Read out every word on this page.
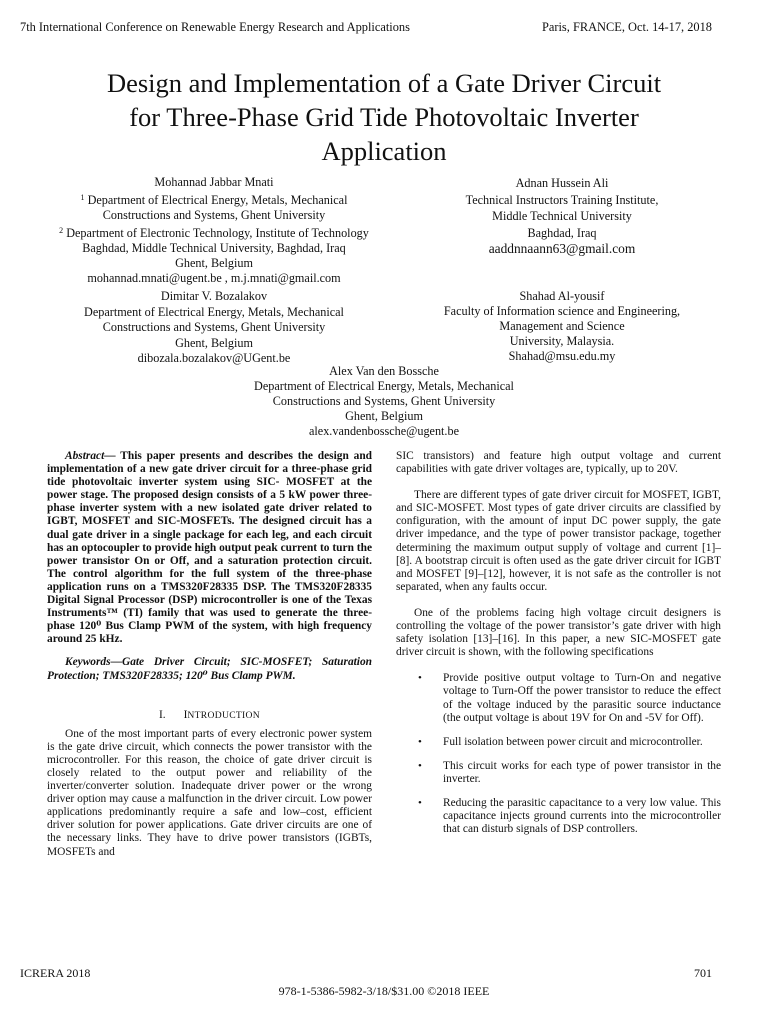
7th International Conference on Renewable Energy Research and Applications	Paris, FRANCE, Oct. 14-17, 2018
Design and Implementation of a Gate Driver Circuit
for Three-Phase Grid Tide Photovoltaic Inverter
Application
Mohannad Jabbar Mnati
$^1$ Department of Electrical Energy, Metals, Mechanical
Constructions and Systems, Ghent University
$^2$ Department of Electronic Technology, Institute of Technology
Baghdad, Middle Technical University, Baghdad, Iraq
Ghent, Belgium
mohannad.mnati@ugent.be , m.j.mnati@gmail.com
Adnan Hussein Ali
Technical Instructors Training Institute,
Middle Technical University
Baghdad, Iraq
aaddnnaann63@gmail.com
Dimitar V. Bozalakov
Department of Electrical Energy, Metals, Mechanical
Constructions and Systems, Ghent University
Ghent, Belgium
dibozala.bozalakov@UGent.be
Shahad Al-yousif
Faculty of Information science and Engineering,
Management and Science
University, Malaysia.
Shahad@msu.edu.my
Alex Van den Bossche
Department of Electrical Energy, Metals, Mechanical
Constructions and Systems, Ghent University
Ghent, Belgium
alex.vandenbossche@ugent.be

Abstract— This paper presents and describes the design and implementation of a new gate driver circuit for a three-phase grid tide photovoltaic inverter system using SIC- MOSFET at the power stage. The proposed design consists of a 5 kW power three-phase inverter system with a new isolated gate driver related to IGBT, MOSFET and SIC-MOSFETs. The designed circuit has a dual gate driver in a single package for each leg, and each circuit has an optocoupler to provide high output peak current to turn the power transistor On or Off, and a saturation protection circuit. The control algorithm for the full system of the three-phase application runs on a TMS320F28335 DSP. The TMS320F28335 Digital Signal Processor (DSP) microcontroller is one of the Texas Instruments™ (TI) family that was used to generate the three-phase 120⁰ Bus Clamp PWM of the system, with high frequency around 25 kHz.

Keywords—Gate Driver Circuit; SIC-MOSFET; Saturation Protection; TMS320F28335; 120⁰ Bus Clamp PWM.

I. INTRODUCTION

One of the most important parts of every electronic power system is the gate drive circuit, which connects the power transistor with the microcontroller. For this reason, the choice of gate driver circuit is closely related to the output power and reliability of the inverter/converter solution. Inadequate driver power or the wrong driver option may cause a malfunction in the driver circuit. Low power applications predominantly require a safe and low–cost, efficient driver solution for power applications. Gate driver circuits are one of the necessary links. They have to drive power transistors (IGBTs, MOSFETs and

SIC transistors) and feature high output voltage and current capabilities with gate driver voltages are, typically, up to 20V.

There are different types of gate driver circuit for MOSFET, IGBT, and SIC-MOSFET. Most types of gate driver circuits are classified by configuration, with the amount of input DC power supply, the gate driver impedance, and the type of power transistor package, together determining the maximum output supply of voltage and current [1]–[8]. A bootstrap circuit is often used as the gate driver circuit for IGBT and MOSFET [9]–[12], however, it is not safe as the controller is not separated, when any faults occur.

One of the problems facing high voltage circuit designers is controlling the voltage of the power transistor’s gate driver with high safety isolation [13]–[16]. In this paper, a new SIC-MOSFET gate driver circuit is shown, with the following specifications

• Provide positive output voltage to Turn-On and negative voltage to Turn-Off the power transistor to reduce the effect of the voltage induced by the parasitic source inductance (the output voltage is about 19V for On and -5V for Off).
• Full isolation between power circuit and microcontroller.
• This circuit works for each type of power transistor in the inverter.
• Reducing the parasitic capacitance to a very low value. This capacitance injects ground currents into the microcontroller that can disturb signals of DSP controllers.
ICRERA 2018	701
978-1-5386-5982-3/18/$31.00 ©2018 IEEE
